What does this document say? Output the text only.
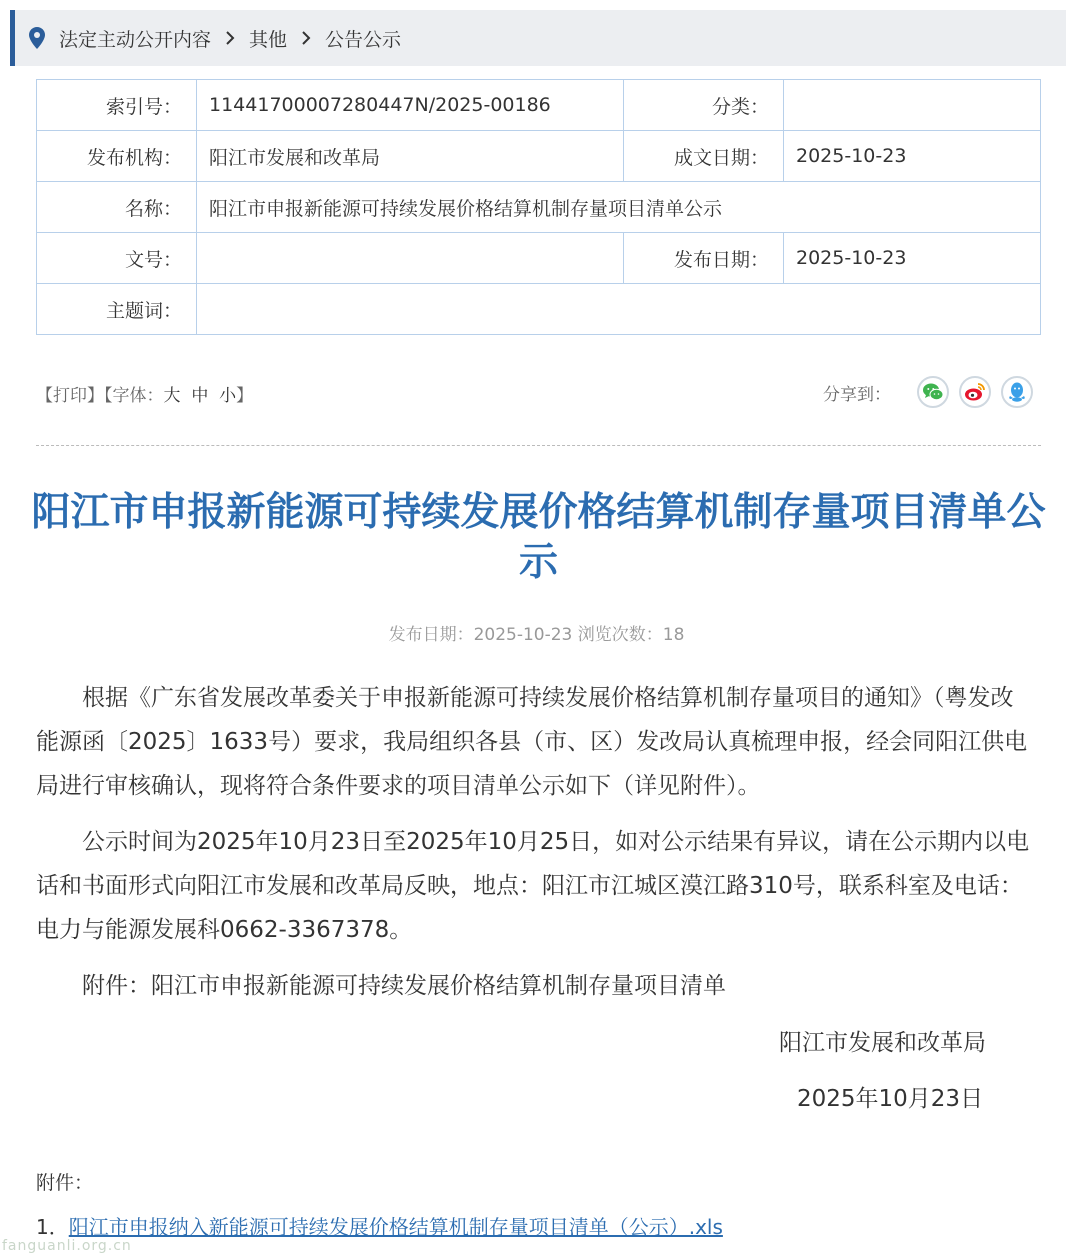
法定主动公开内容 其他 公告公示
索引号：	11441700007280447N/2025-00186	分类：	
发布机构：	阳江市发展和改革局	成文日期：	2025-10-23
名称：	阳江市申报新能源可持续发展价格结算机制存量项目清单公示		
文号：		发布日期：	2025-10-23
主题词：			
【打印】【字体：大 中 小】	分享到：
阳江市申报新能源可持续发展价格结算机制存量项目清单公示
发布日期：2025-10-23 浏览次数：18

根据《广东省发展改革委关于申报新能源可持续发展价格结算机制存量项目的通知》（粤发改能源函〔2025〕1633号）要求，我局组织各县（市、区）发改局认真梳理申报，经会同阳江供电局进行审核确认，现将符合条件要求的项目清单公示如下（详见附件）。

公示时间为2025年10月23日至2025年10月25日，如对公示结果有异议，请在公示期内以电话和书面形式向阳江市发展和改革局反映，地点：阳江市江城区漠江路310号，联系科室及电话：电力与能源发展科0662-3367378。

附件：阳江市申报新能源可持续发展价格结算机制存量项目清单

阳江市发展和改革局
2025年10月23日
附件：
1．阳江市申报纳入新能源可持续发展价格结算机制存量项目清单（公示）.xls
fanguanli.org.cn
